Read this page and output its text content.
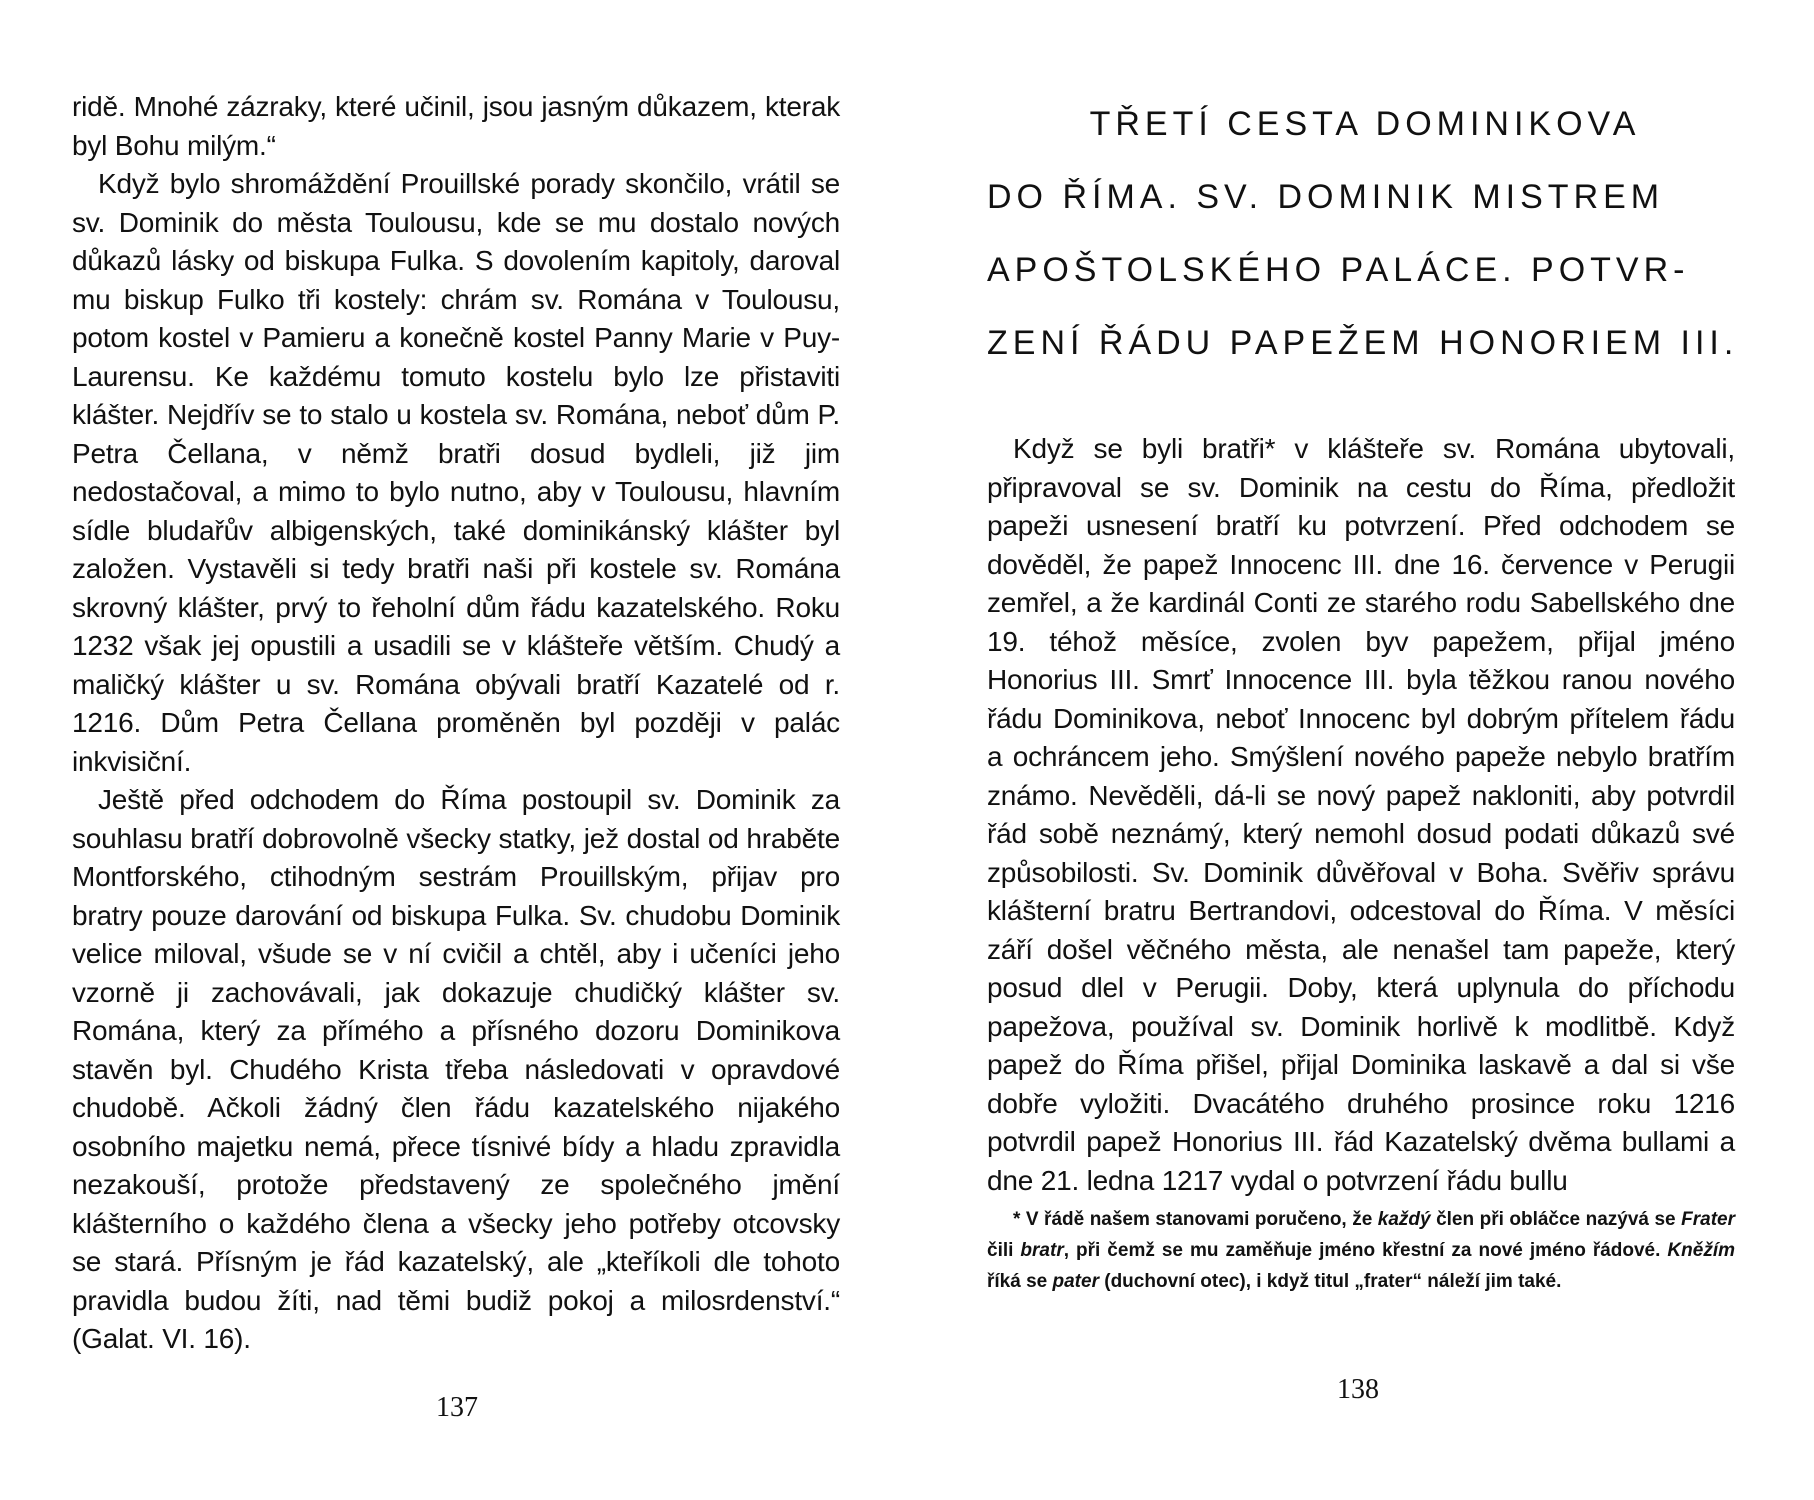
ridě. Mnohé zázraky, které učinil, jsou jasným důkazem, kterak byl Bohu milým.“

Když bylo shromáždění Prouillské porady skončilo, vrátil se sv. Dominik do města Toulousu, kde se mu dostalo nových důkazů lásky od biskupa Fulka. S dovolením kapitoly, daroval mu biskup Fulko tři kostely: chrám sv. Romána v Toulousu, potom kostel v Pamieru a konečně kostel Panny Marie v Puy-Laurensu. Ke každému tomuto kostelu bylo lze přistaviti klášter. Nejdřív se to stalo u kostela sv. Romána, neboť dům P. Petra Čellana, v němž bratři dosud bydleli, již jim nedostačoval, a mimo to bylo nutno, aby v Toulousu, hlavním sídle bludařův albigenských, také dominikánský klášter byl založen. Vystavěli si tedy bratři naši při kostele sv. Romána skrovný klášter, prvý to řeholní dům řádu kazatelského. Roku 1232 však jej opustili a usadili se v klášteře větším. Chudý a maličký klášter u sv. Romána obývali bratří Kazatelé od r. 1216. Dům Petra Čellana proměněn byl později v palác inkvisiční.

Ještě před odchodem do Říma postoupil sv. Dominik za souhlasu bratří dobrovolně všecky statky, jež dostal od hraběte Montforského, ctihodným sestrám Prouillským, přijav pro bratry pouze darování od biskupa Fulka. Sv. chudobu Dominik velice miloval, všude se v ní cvičil a chtěl, aby i učeníci jeho vzorně ji zachovávali, jak dokazuje chudičký klášter sv. Romána, který za přímého a přísného dozoru Dominikova stavěn byl. Chudého Krista třeba následovati v opravdové chudobě. Ačkoli žádný člen řádu kazatelského nijakého osobního majetku nemá, přece tísnivé bídy a hladu zpravidla nezakouší, protože představený ze společného jmění klášterního o každého člena a všecky jeho potřeby otcovsky se stará. Přísným je řád kazatelský, ale „kteříkoli dle tohoto pravidla budou žíti, nad těmi budiž pokoj a milosrdenství.“ (Galat. VI. 16).

137
TŘETÍ CESTA DOMINIKOVA
DO ŘÍMA. SV. DOMINIK MISTREM
APOŠTOLSKÉHO PALÁCE. POTVR-
ZENÍ ŘÁDU PAPEŽEM HONORIEM III.

Když se byli bratři* v klášteře sv. Romána ubytovali, připravoval se sv. Dominik na cestu do Říma, předložit papeži usnesení bratří ku potvrzení. Před odchodem se dověděl, že papež Innocenc III. dne 16. července v Perugii zemřel, a že kardinál Conti ze starého rodu Sabellského dne 19. téhož měsíce, zvolen byv papežem, přijal jméno Honorius III. Smrť Innocence III. byla těžkou ranou nového řádu Dominikova, neboť Innocenc byl dobrým přítelem řádu a ochráncem jeho. Smýšlení nového papeže nebylo bratřím známo. Nevěděli, dá-li se nový papež nakloniti, aby potvrdil řád sobě neznámý, který nemohl dosud podati důkazů své způsobilosti. Sv. Dominik důvěřoval v Boha. Svěřiv správu klášterní bratru Bertrandovi, odcestoval do Říma. V měsíci září došel věčného města, ale nenašel tam papeže, který posud dlel v Perugii. Doby, která uplynula do příchodu papežova, používal sv. Dominik horlivě k modlitbě. Když papež do Říma přišel, přijal Dominika laskavě a dal si vše dobře vyložiti. Dvacátého druhého prosince roku 1216 potvrdil papež Honorius III. řád Kazatelský dvěma bullami a dne 21. ledna 1217 vydal o potvrzení řádu bullu

* V řádě našem stanovami poručeno, že každý člen při obláčce nazývá se Frater čili bratr, při čemž se mu zaměňuje jméno křestní za nové jméno řádové. Kněžím říká se pater (duchovní otec), i když titul „frater“ náleží jim také.
138
